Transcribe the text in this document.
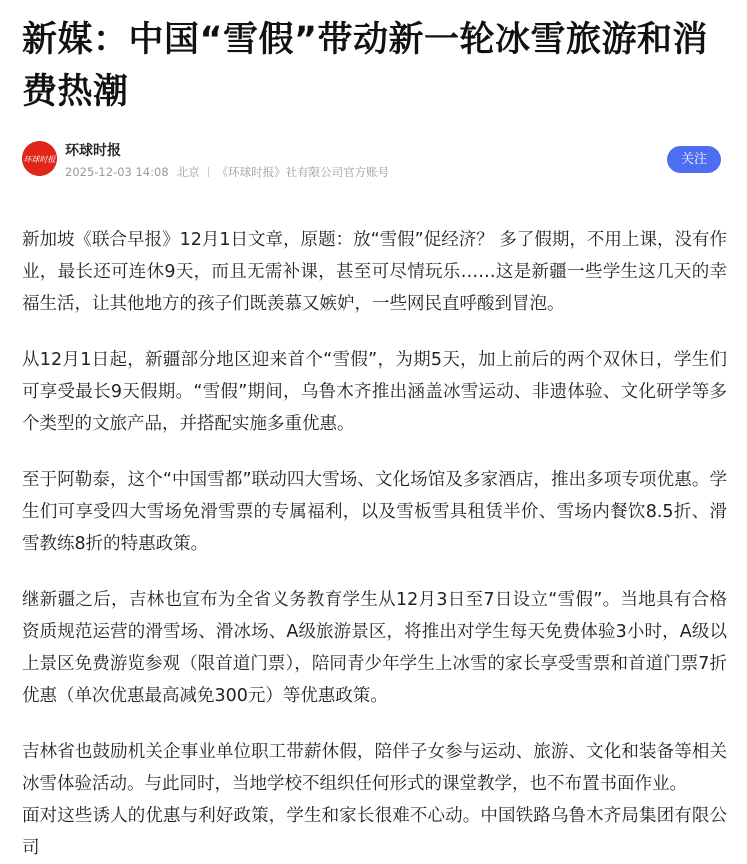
新媒：中国“雪假”带动新一轮冰雪旅游和消费热潮
环球时报
环球时报
2025-12-03 14:08 北京 《环球时报》社有限公司官方账号
关注

新加坡《联合早报》12月1日文章，原题：放“雪假”促经济？ 多了假期，不用上课，没有作业，最长还可连休9天，而且无需补课，甚至可尽情玩乐……这是新疆一些学生这几天的幸福生活，让其他地方的孩子们既羡慕又嫉妒，一些网民直呼酸到冒泡。

从12月1日起，新疆部分地区迎来首个“雪假”，为期5天，加上前后的两个双休日，学生们可享受最长9天假期。“雪假”期间，乌鲁木齐推出涵盖冰雪运动、非遗体验、文化研学等多个类型的文旅产品，并搭配实施多重优惠。

至于阿勒泰，这个“中国雪都”联动四大雪场、文化场馆及多家酒店，推出多项专项优惠。学生们可享受四大雪场免滑雪票的专属福利，以及雪板雪具租赁半价、雪场内餐饮8.5折、滑雪教练8折的特惠政策。

继新疆之后，吉林也宣布为全省义务教育学生从12月3日至7日设立“雪假”。当地具有合格资质规范运营的滑雪场、滑冰场、A级旅游景区，将推出对学生每天免费体验3小时，A级以上景区免费游览参观（限首道门票），陪同青少年学生上冰雪的家长享受雪票和首道门票7折优惠（单次优惠最高减免300元）等优惠政策。

吉林省也鼓励机关企事业单位职工带薪休假，陪伴子女参与运动、旅游、文化和装备等相关冰雪体验活动。与此同时，当地学校不组织任何形式的课堂教学，也不布置书面作业。

面对这些诱人的优惠与利好政策，学生和家长很难不心动。中国铁路乌鲁木齐局集团有限公司
